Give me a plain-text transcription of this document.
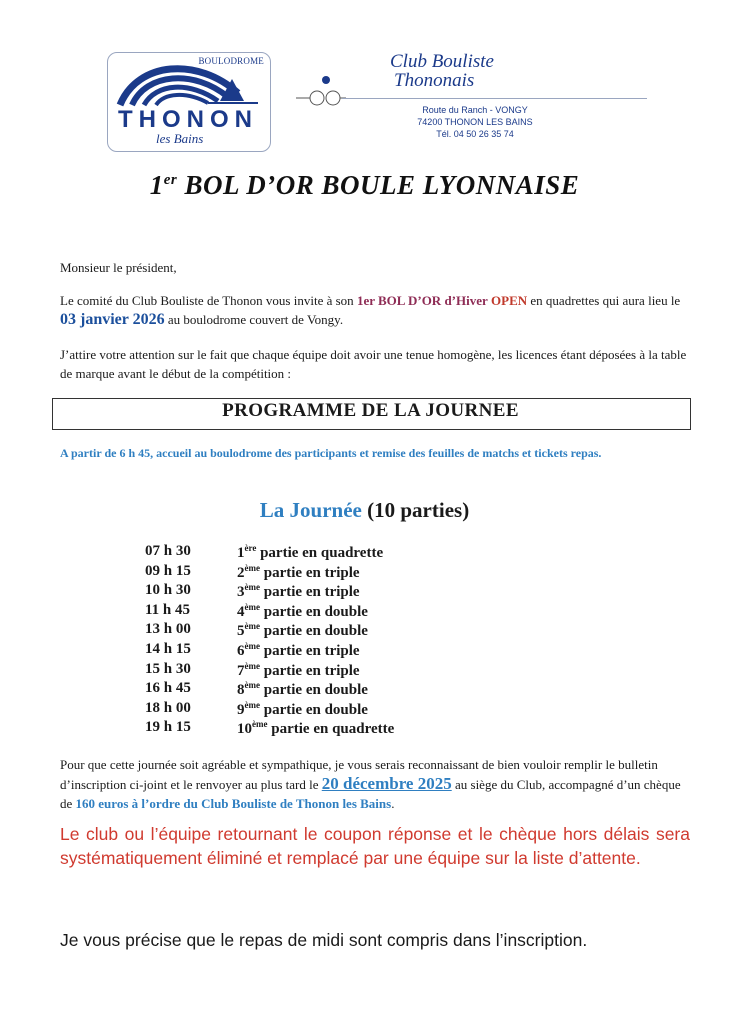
BOULODROME
THONON
les Bains
Club Bouliste
Thononais
Route du Ranch - VONGY
74200 THONON LES BAINS
Tél. 04 50 26 35 74
1er BOL D’OR BOULE LYONNAISE
Monsieur le président,
Le comité du Club Bouliste de Thonon vous invite à son 1er BOL D’OR d’Hiver OPEN en quadrettes qui aura lieu le 03 janvier 2026 au boulodrome couvert de Vongy.
J’attire votre attention sur le fait que chaque équipe doit avoir une tenue homogène, les licences étant déposées à la table de marque avant le début de la compétition :
PROGRAMME DE LA JOURNEE
A partir de 6 h 45, accueil au boulodrome des participants et remise des feuilles de matchs et tickets repas.
La Journée (10 parties)
07 h 30	1ère partie en quadrette
09 h 15	2ème partie en triple
10 h 30	3ème partie en triple
11 h 45	4ème partie en double
13 h 00	5ème partie en double
14 h 15	6ème partie en triple
15 h 30	7ème partie en triple
16 h 45	8ème partie en double
18 h 00	9ème partie en double
19 h 15	10ème partie en quadrette
Pour que cette journée soit agréable et sympathique, je vous serais reconnaissant de bien vouloir remplir le bulletin d’inscription ci-joint et le renvoyer au plus tard le 20 décembre 2025 au siège du Club, accompagné d’un chèque de 160 euros à l’ordre du Club Bouliste de Thonon les Bains.
Le club ou l’équipe retournant le coupon réponse et le chèque hors délais sera systématiquement éliminé et remplacé par une équipe sur la liste d’attente.
Je vous précise que le repas de midi sont compris dans l’inscription.
